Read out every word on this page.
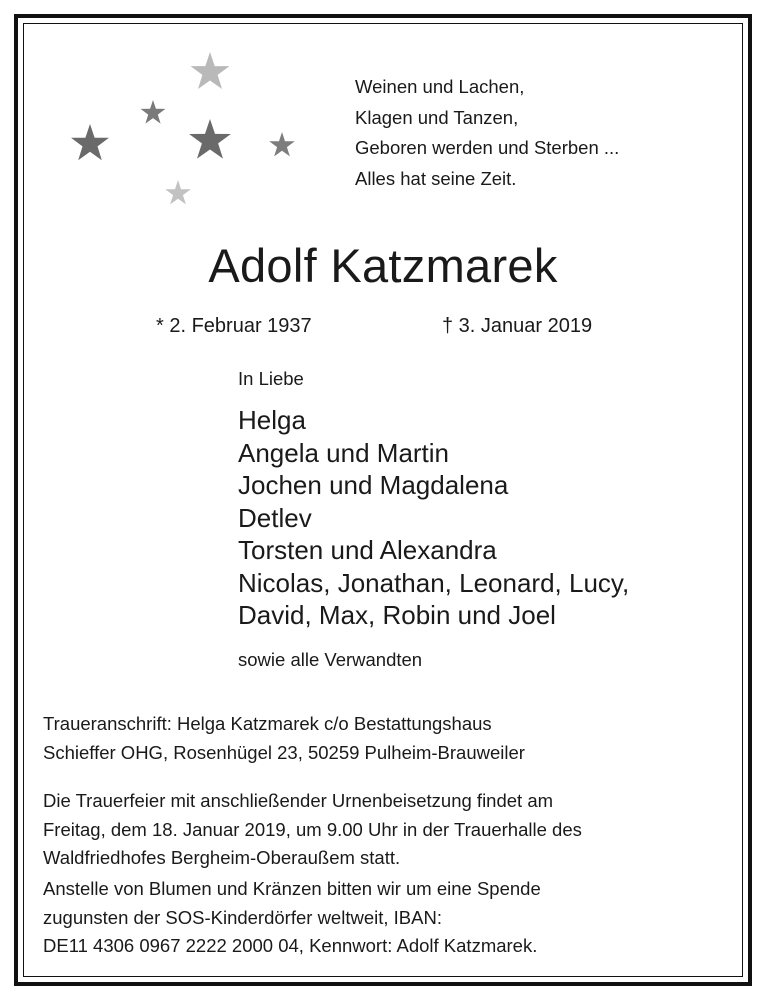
Weinen und Lachen,
Klagen und Tanzen,
Geboren werden und Sterben ...
Alles hat seine Zeit.
Adolf Katzmarek
* 2. Februar 1937	† 3. Januar 2019
In Liebe
Helga
Angela und Martin
Jochen und Magdalena
Detlev
Torsten und Alexandra
Nicolas, Jonathan, Leonard, Lucy,
David, Max, Robin und Joel
sowie alle Verwandten
Traueranschrift: Helga Katzmarek c/o Bestattungshaus
Schieffer OHG, Rosenhügel 23, 50259 Pulheim-Brauweiler
Die Trauerfeier mit anschließender Urnenbeisetzung findet am
Freitag, dem 18. Januar 2019, um 9.00 Uhr in der Trauerhalle des
Waldfriedhofes Bergheim-Oberaußem statt.
Anstelle von Blumen und Kränzen bitten wir um eine Spende
zugunsten der SOS-Kinderdörfer weltweit, IBAN:
DE11 4306 0967 2222 2000 04, Kennwort: Adolf Katzmarek.
